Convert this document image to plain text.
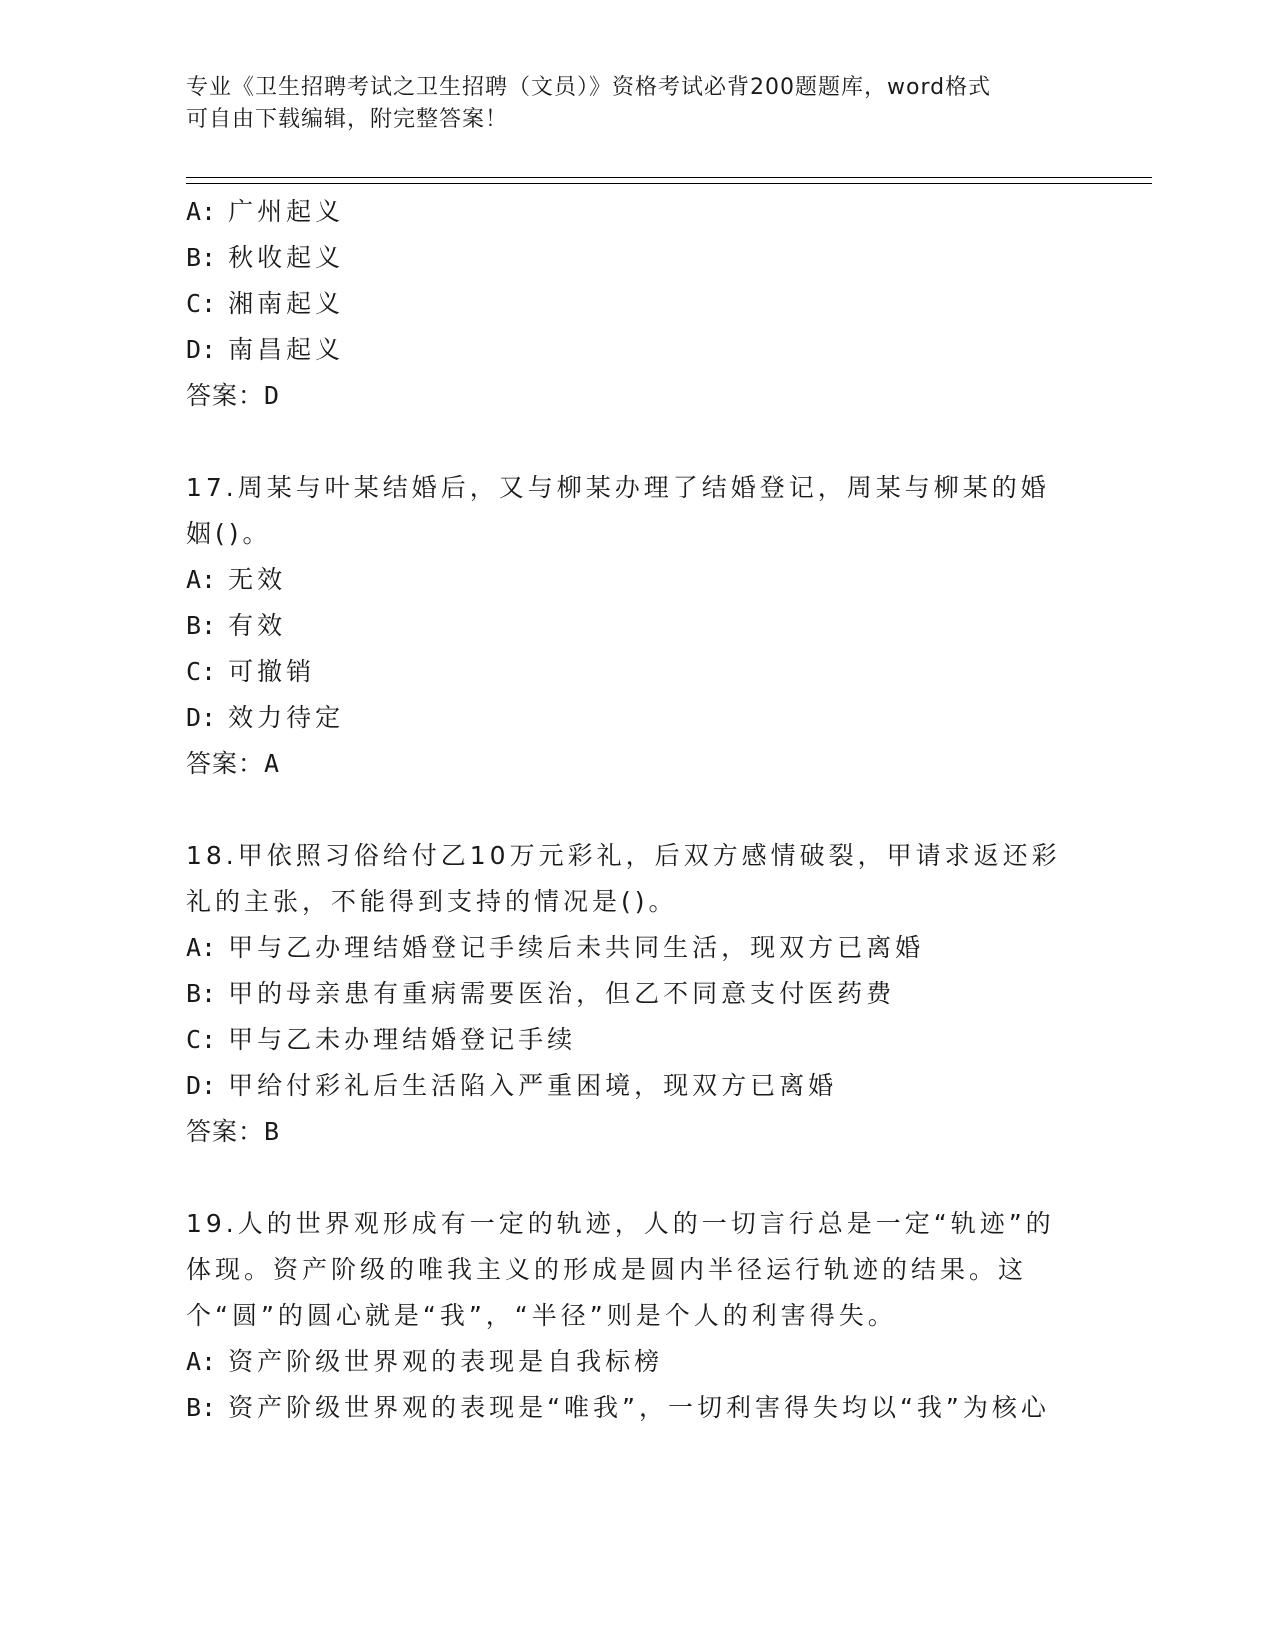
专业《卫生招聘考试之卫生招聘（文员）》资格考试必背200题题库，word格式
可自由下载编辑，附完整答案！
A: 广州起义
B: 秋收起义
C: 湘南起义
D: 南昌起义
答案：D
17.周某与叶某结婚后，又与柳某办理了结婚登记，周某与柳某的婚姻()。
A: 无效
B: 有效
C: 可撤销
D: 效力待定
答案：A
18.甲依照习俗给付乙10万元彩礼，后双方感情破裂，甲请求返还彩礼的主张，不能得到支持的情况是()。
A: 甲与乙办理结婚登记手续后未共同生活，现双方已离婚
B: 甲的母亲患有重病需要医治，但乙不同意支付医药费
C: 甲与乙未办理结婚登记手续
D: 甲给付彩礼后生活陷入严重困境，现双方已离婚
答案：B
19.人的世界观形成有一定的轨迹，人的一切言行总是一定“轨迹”的体现。资产阶级的唯我主义的形成是圆内半径运行轨迹的结果。这个“圆”的圆心就是“我”，“半径”则是个人的利害得失。
A: 资产阶级世界观的表现是自我标榜
B: 资产阶级世界观的表现是“唯我”，一切利害得失均以“我”为核心
